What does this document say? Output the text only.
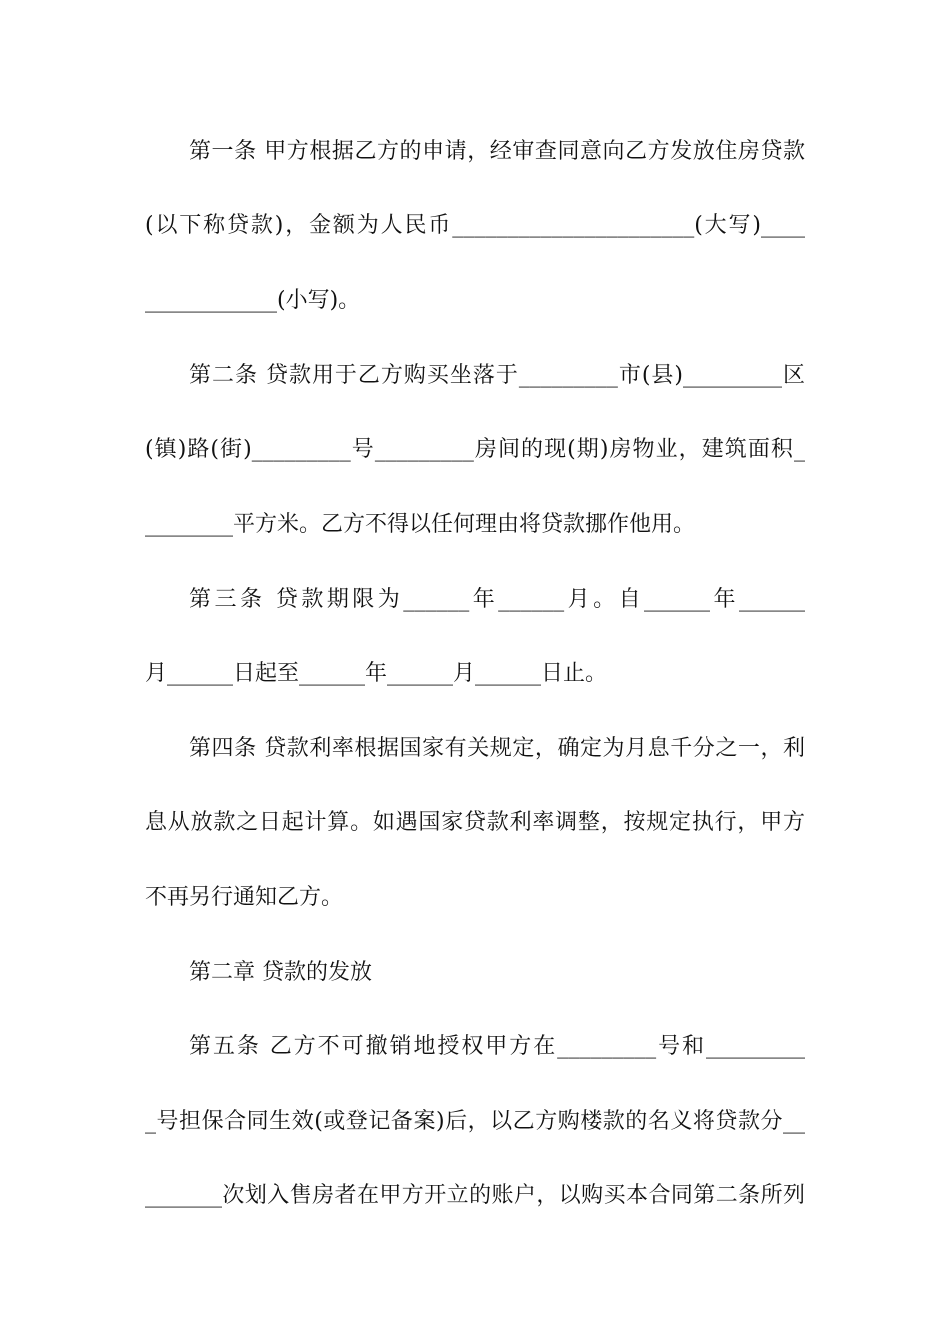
第一条 甲方根据乙方的申请，经审查同意向乙方发放住房贷款
(以下称贷款)，金额为人民币______________________(大写)____
____________(小写)。
第二条 贷款用于乙方购买坐落于_________市(县)_________区
(镇)路(街)_________号_________房间的现(期)房物业，建筑面积_
________平方米。乙方不得以任何理由将贷款挪作他用。
第三条 贷款期限为______年______月。自______年______
月______日起至______年______月______日止。
第四条 贷款利率根据国家有关规定，确定为月息千分之一，利
息从放款之日起计算。如遇国家贷款利率调整，按规定执行，甲方
不再另行通知乙方。
第二章 贷款的发放
第五条 乙方不可撤销地授权甲方在_________号和_________
_号担保合同生效(或登记备案)后，以乙方购楼款的名义将贷款分__
_______次划入售房者在甲方开立的账户，以购买本合同第二条所列
